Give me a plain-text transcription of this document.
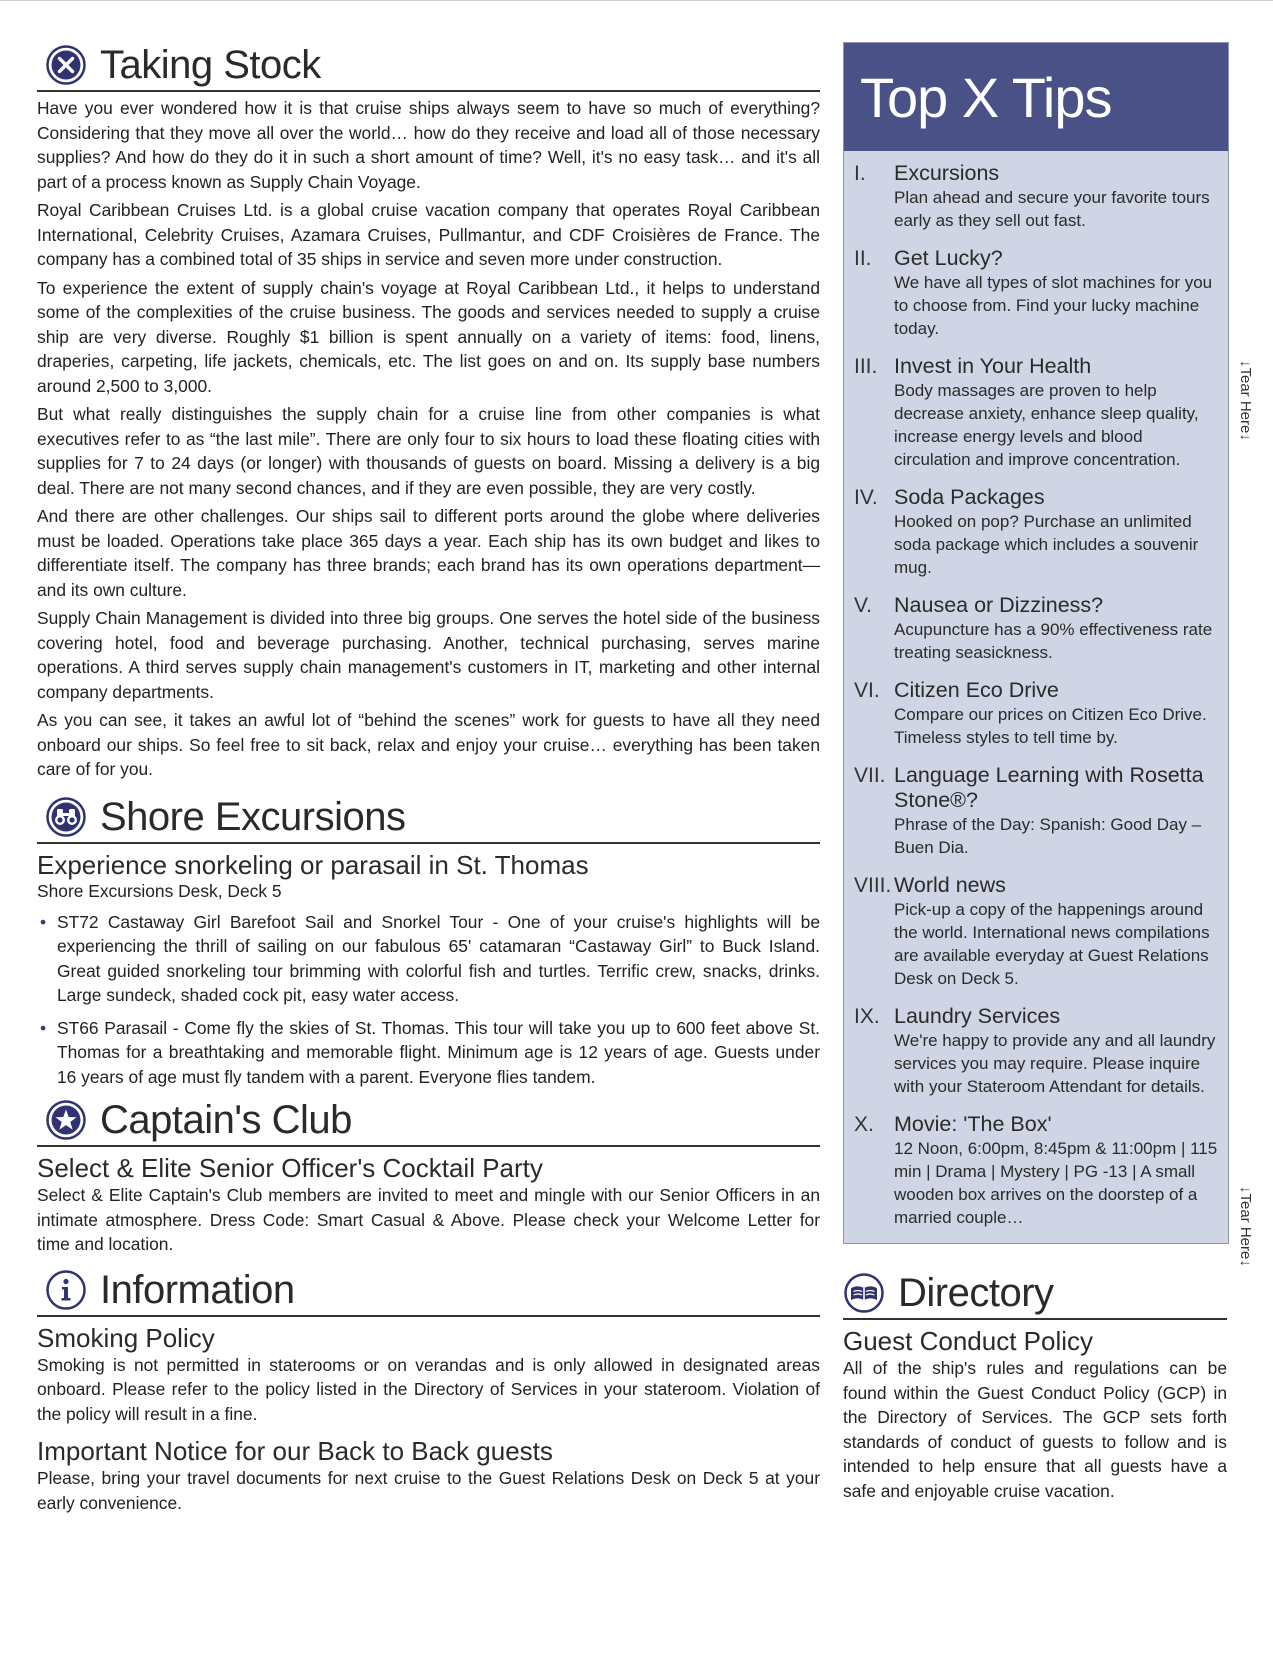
Taking Stock

Have you ever wondered how it is that cruise ships always seem to have so much of everything? Considering that they move all over the world… how do they receive and load all of those necessary supplies? And how do they do it in such a short amount of time? Well, it's no easy task… and it's all part of a process known as Supply Chain Voyage.

Royal Caribbean Cruises Ltd. is a global cruise vacation company that operates Royal Caribbean International, Celebrity Cruises, Azamara Cruises, Pullmantur, and CDF Croisières de France. The company has a combined total of 35 ships in service and seven more under construction.

To experience the extent of supply chain's voyage at Royal Caribbean Ltd., it helps to understand some of the complexities of the cruise business. The goods and services needed to supply a cruise ship are very diverse. Roughly $1 billion is spent annually on a variety of items: food, linens, draperies, carpeting, life jackets, chemicals, etc. The list goes on and on. Its supply base numbers around 2,500 to 3,000.

But what really distinguishes the supply chain for a cruise line from other companies is what executives refer to as “the last mile”. There are only four to six hours to load these floating cities with supplies for 7 to 24 days (or longer) with thousands of guests on board. Missing a delivery is a big deal. There are not many second chances, and if they are even possible, they are very costly.

And there are other challenges. Our ships sail to different ports around the globe where deliveries must be loaded. Operations take place 365 days a year. Each ship has its own budget and likes to differentiate itself. The company has three brands; each brand has its own operations department—and its own culture.

Supply Chain Management is divided into three big groups. One serves the hotel side of the business covering hotel, food and beverage purchasing. Another, technical purchasing, serves marine operations. A third serves supply chain management's customers in IT, marketing and other internal company departments.

As you can see, it takes an awful lot of “behind the scenes” work for guests to have all they need onboard our ships. So feel free to sit back, relax and enjoy your cruise… everything has been taken care of for you.

Shore Excursions
Experience snorkeling or parasail in St. Thomas
Shore Excursions Desk, Deck 5
• ST72 Castaway Girl Barefoot Sail and Snorkel Tour - One of your cruise's highlights will be experiencing the thrill of sailing on our fabulous 65' catamaran “Castaway Girl” to Buck Island. Great guided snorkeling tour brimming with colorful fish and turtles. Terrific crew, snacks, drinks. Large sundeck, shaded cock pit, easy water access.
• ST66 Parasail - Come fly the skies of St. Thomas. This tour will take you up to 600 feet above St. Thomas for a breathtaking and memorable flight. Minimum age is 12 years of age. Guests under 16 years of age must fly tandem with a parent. Everyone flies tandem.
Captain's Club
Select & Elite Senior Officer's Cocktail Party

Select & Elite Captain's Club members are invited to meet and mingle with our Senior Officers in an intimate atmosphere. Dress Code: Smart Casual & Above. Please check your Welcome Letter for time and location.

Information
Smoking Policy

Smoking is not permitted in staterooms or on verandas and is only allowed in designated areas onboard. Please refer to the policy listed in the Directory of Services in your stateroom. Violation of the policy will result in a fine.

Important Notice for our Back to Back guests

Please, bring your travel documents for next cruise to the Guest Relations Desk on Deck 5 at your early convenience.

Top X Tips
I.	Excursions
Plan ahead and secure your favorite tours early as they sell out fast.
II.	Get Lucky?
We have all types of slot machines for you to choose from. Find your lucky machine today.
III. Invest in Your Health
Body massages are proven to help decrease anxiety, enhance sleep quality, increase energy levels and blood circulation and improve concentration.
IV. Soda Packages
Hooked on pop? Purchase an unlimited soda package which includes a souvenir mug.
V.	Nausea or Dizziness?
Acupuncture has a 90% effectiveness rate treating seasickness.
VI. Citizen Eco Drive
Compare our prices on Citizen Eco Drive. Timeless styles to tell time by.
VII. Language Learning with Rosetta Stone®?
Phrase of the Day: Spanish: Good Day – Buen Dia.
VIII. World news
Pick-up a copy of the happenings around the world. International news compilations are available everyday at Guest Relations Desk on Deck 5.
IX. Laundry Services
We're happy to provide any and all laundry services you may require. Please inquire with your Stateroom Attendant for details.
X. Movie: 'The Box'
12 Noon, 6:00pm, 8:45pm & 11:00pm | 115 min | Drama | Mystery | PG -13 | A small wooden box arrives on the doorstep of a married couple…
Directory
Guest Conduct Policy

All of the ship's rules and regulations can be found within the Guest Conduct Policy (GCP) in the Directory of Services. The GCP sets forth standards of conduct of guests to follow and is intended to help ensure that all guests have a safe and enjoyable cruise vacation.

↓Tear Here↓
↓Tear Here↓
